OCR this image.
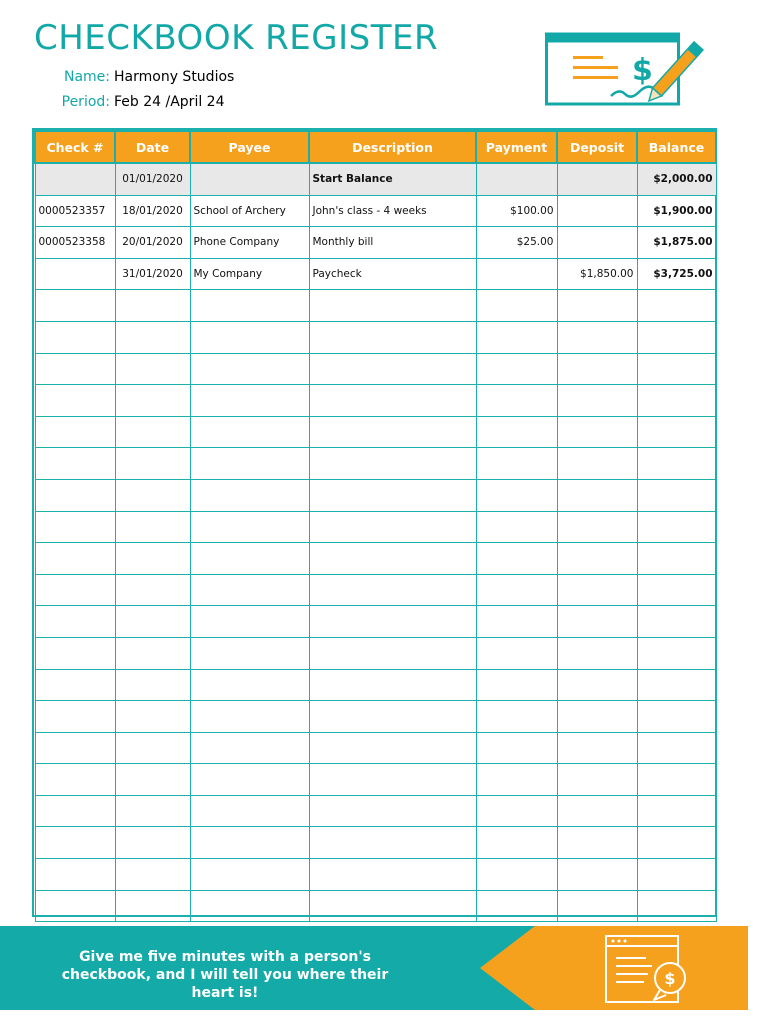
CHECKBOOK REGISTER
Name: Harmony Studios
Period: Feb 24 /April 24
$
Check #	Date	Payee	Description	Payment	Deposit	Balance
	01/01/2020		Start Balance			$2,000.00
0000523357	18/01/2020	School of Archery	John's class - 4 weeks	$100.00		$1,900.00
0000523358	20/01/2020	Phone Company	Monthly bill	$25.00		$1,875.00
	31/01/2020	My Company	Paycheck		$1,850.00	$3,725.00

Give me five minutes with a person's checkbook, and I will tell you where their heart is!
$
